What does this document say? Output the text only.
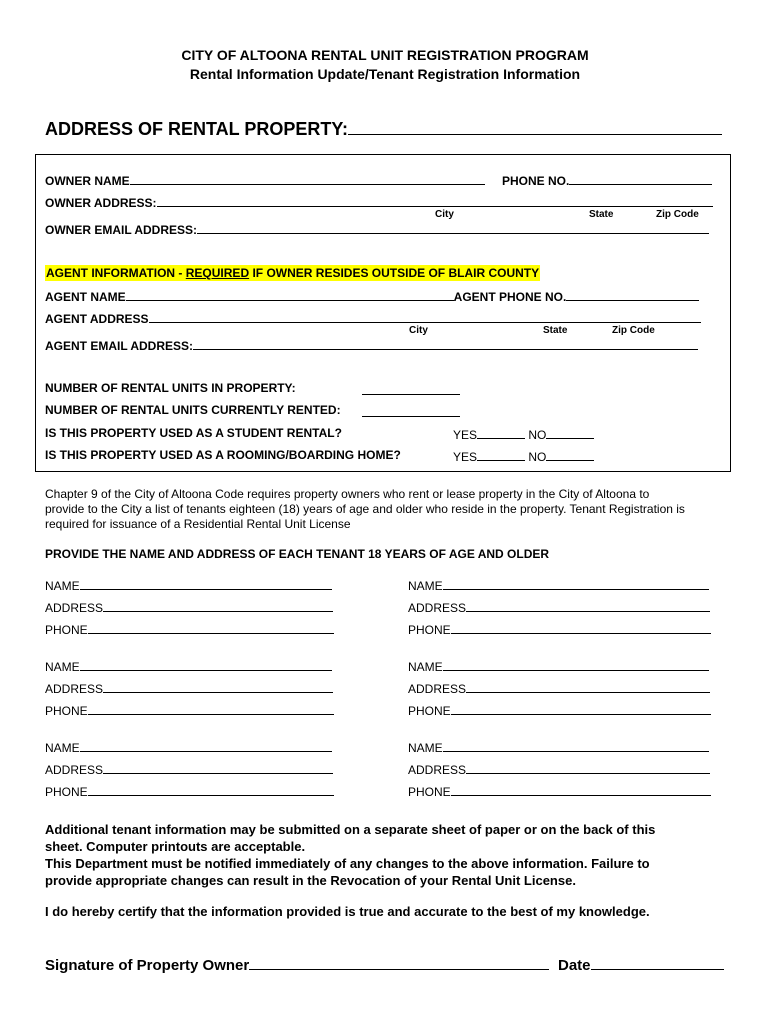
CITY OF ALTOONA RENTAL UNIT REGISTRATION PROGRAM
Rental Information Update/Tenant Registration Information
ADDRESS OF RENTAL PROPERTY:
OWNER NAME	PHONE NO.
OWNER ADDRESS:
City	State	Zip Code
OWNER EMAIL ADDRESS:
AGENT INFORMATION - REQUIRED IF OWNER RESIDES OUTSIDE OF BLAIR COUNTY
AGENT NAME	AGENT PHONE NO.
AGENT ADDRESS
City	State	Zip Code
AGENT EMAIL ADDRESS:
NUMBER OF RENTAL UNITS IN PROPERTY:
NUMBER OF RENTAL UNITS CURRENTLY RENTED:
IS THIS PROPERTY USED AS A STUDENT RENTAL?	YES	NO
IS THIS PROPERTY USED AS A ROOMING/BOARDING HOME?	YES	NO
Chapter 9 of the City of Altoona Code requires property owners who rent or lease property in the City of Altoona to
provide to the City a list of tenants eighteen (18) years of age and older who reside in the property. Tenant Registration is
required for issuance of a Residential Rental Unit License
PROVIDE THE NAME AND ADDRESS OF EACH TENANT 18 YEARS OF AGE AND OLDER
NAME
ADDRESS
PHONE
NAME
ADDRESS
PHONE
NAME
ADDRESS
PHONE
NAME
ADDRESS
PHONE
NAME
ADDRESS
PHONE
NAME
ADDRESS
PHONE
Additional tenant information may be submitted on a separate sheet of paper or on the back of this
sheet. Computer printouts are acceptable.
This Department must be notified immediately of any changes to the above information. Failure to
provide appropriate changes can result in the Revocation of your Rental Unit License.
I do hereby certify that the information provided is true and accurate to the best of my knowledge.
Signature of Property Owner	Date
